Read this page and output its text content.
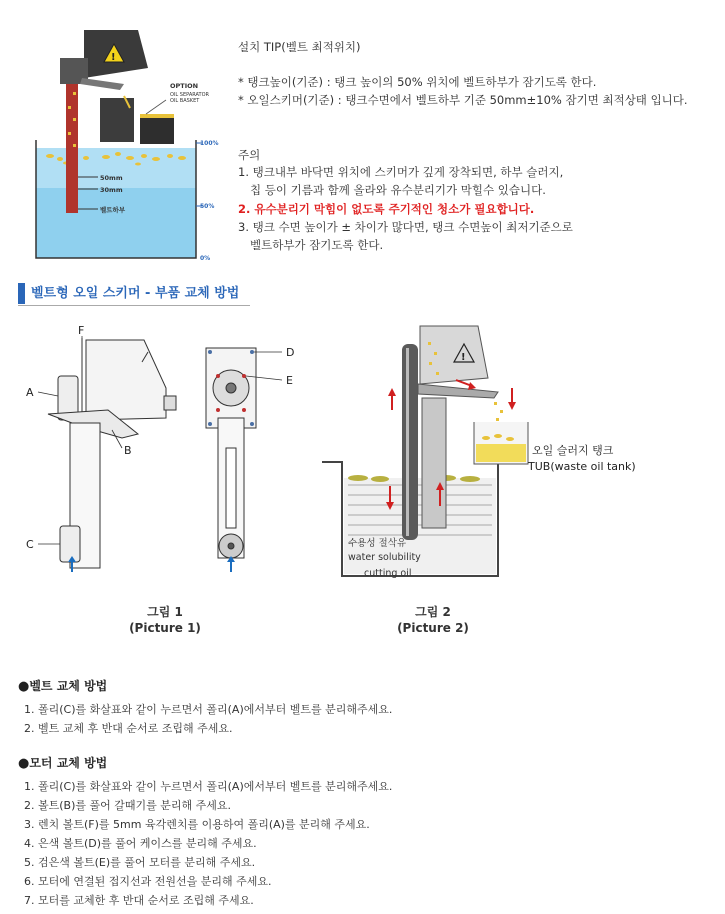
!
OPTION
OIL SEPARATOR
OIL BASKET
100%
50%
0%
50mm
30mm
벨트하부
설치 TIP(벨트 최적위치)
* 탱크높이(기준) : 탱크 높이의 50% 위치에 벨트하부가 잠기도록 한다.
* 오일스키머(기준) : 탱크수면에서 벨트하부 기준 50mm±10% 잠기면 최적상태 입니다.
주의
1. 탱크내부 바닥면 위치에 스키머가 깊게 장착되면, 하부 슬러지,
칩 등이 기름과 함께 올라와 유수분리기가 막힐수 있습니다.
2. 유수분리기 막힘이 없도록 주기적인 청소가 필요합니다.
3. 탱크 수면 높이가 ± 차이가 많다면, 탱크 수면높이 최저기준으로
벨트하부가 잠기도록 한다.
벨트형 오일 스키머 - 부품 교체 방법
F
A
B
C
D
E
그림 1
(Picture 1)
!
오일 슬러지 탱크
TUB(waste oil tank)
수용성 절삭유
water solubility
cutting oil
그림 2
(Picture 2)
●벨트 교체 방법
1. 폴리(C)를 화살표와 같이 누르면서 폴리(A)에서부터 벨트를 분리해주세요.
2. 벨트 교체 후 반대 순서로 조립해 주세요.
●모터 교체 방법
1. 폴리(C)를 화살표와 같이 누르면서 폴리(A)에서부터 벨트를 분리해주세요.
2. 볼트(B)를 풀어 갈때기를 분리해 주세요.
3. 렌치 볼트(F)를 5mm 육각렌치를 이용하여 폴리(A)를 분리해 주세요.
4. 은색 볼트(D)를 풀어 케이스를 분리해 주세요.
5. 검은색 볼트(E)를 풀어 모터를 분리해 주세요.
6. 모터에 연결된 접지선과 전원선을 분리해 주세요.
7. 모터를 교체한 후 반대 순서로 조립해 주세요.
